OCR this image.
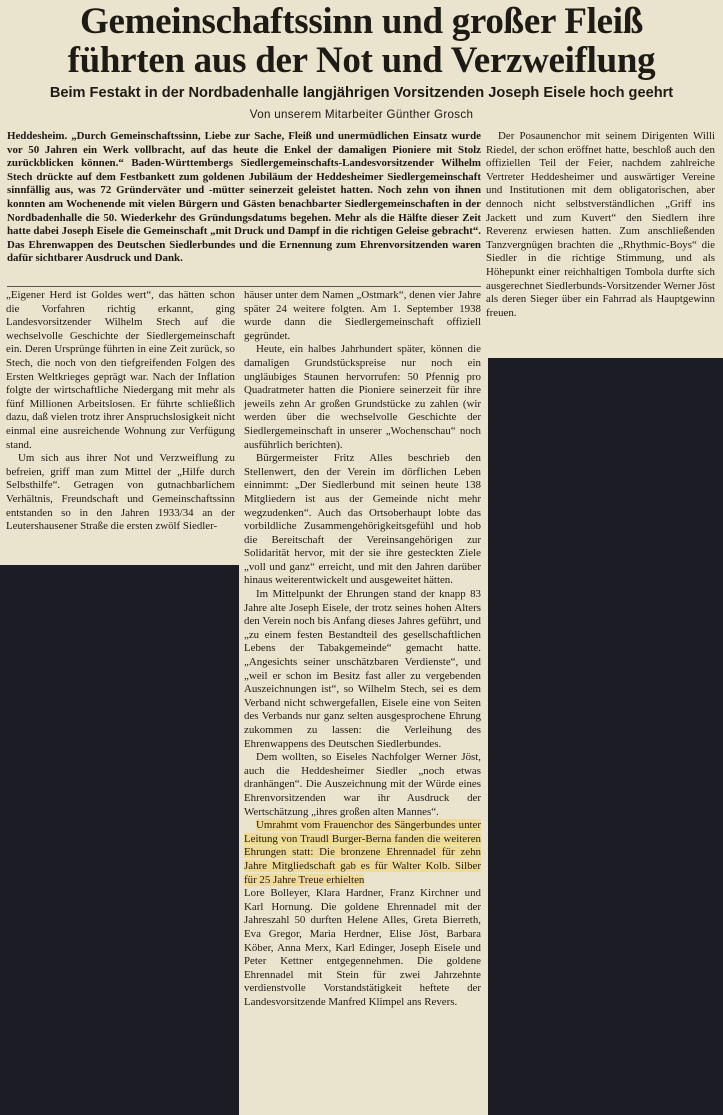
Gemeinschaftssinn und großer Fleiß
führten aus der Not und Verzweiflung
Beim Festakt in der Nordbadenhalle langjährigen Vorsitzenden Joseph Eisele hoch geehrt
Von unserem Mitarbeiter Günther Grosch
Heddesheim. „Durch Gemeinschaftssinn, Liebe zur Sache, Fleiß und unermüdlichen Einsatz wurde vor 50 Jahren ein Werk vollbracht, auf das heute die Enkel der damaligen Pioniere mit Stolz zurückblicken können.“ Baden-Württembergs Siedlergemeinschafts-Landesvorsitzender Wilhelm Stech drückte auf dem Festbankett zum goldenen Jubiläum der Heddesheimer Siedlergemeinschaft sinnfällig aus, was 72 Gründerväter und -mütter seinerzeit geleistet hatten. Noch zehn von ihnen konnten am Wochenende mit vielen Bürgern und Gästen benachbarter Siedlergemeinschaften in der Nordbadenhalle die 50. Wiederkehr des Gründungsdatums begehen. Mehr als die Hälfte dieser Zeit hatte dabei Joseph Eisele die Gemeinschaft „mit Druck und Dampf in die richtigen Geleise gebracht“. Das Ehrenwappen des Deutschen Siedlerbundes und die Ernennung zum Ehrenvorsitzenden waren dafür sichtbarer Ausdruck und Dank.

„Eigener Herd ist Goldes wert“, das hätten schon die Vorfahren richtig erkannt, ging Landesvorsitzender Wilhelm Stech auf die wechselvolle Geschichte der Siedlergemeinschaft ein. Deren Ursprünge führten in eine Zeit zurück, so Stech, die noch von den tiefgreifenden Folgen des Ersten Weltkrieges geprägt war. Nach der Inflation folgte der wirtschaftliche Niedergang mit mehr als fünf Millionen Arbeitslosen. Er führte schließlich dazu, daß vielen trotz ihrer Anspruchslosigkeit nicht einmal eine ausreichende Wohnung zur Verfügung stand.

Um sich aus ihrer Not und Verzweiflung zu befreien, griff man zum Mittel der „Hilfe durch Selbsthilfe“. Getragen von gutnachbarlichem Verhältnis, Freundschaft und Gemeinschaftssinn entstanden so in den Jahren 1933/34 an der Leutershausener Straße die ersten zwölf Siedler-

häuser unter dem Namen „Ostmark“, denen vier Jahre später 24 weitere folgten. Am 1. September 1938 wurde dann die Siedlergemeinschaft offiziell gegründet.

Heute, ein halbes Jahrhundert später, können die damaligen Grundstückspreise nur noch ein ungläubiges Staunen hervorrufen: 50 Pfennig pro Quadratmeter hatten die Pioniere seinerzeit für ihre jeweils zehn Ar großen Grundstücke zu zahlen (wir werden über die wechselvolle Geschichte der Siedlergemeinschaft in unserer „Wochenschau“ noch ausführlich berichten).

Bürgermeister Fritz Alles beschrieb den Stellenwert, den der Verein im dörflichen Leben einnimmt: „Der Siedlerbund mit seinen heute 138 Mitgliedern ist aus der Gemeinde nicht mehr wegzudenken“. Auch das Ortsoberhaupt lobte das vorbildliche Zusammengehörigkeitsgefühl und hob die Bereitschaft der Vereinsangehörigen zur Solidarität hervor, mit der sie ihre gesteckten Ziele „voll und ganz“ erreicht, und mit den Jahren darüber hinaus weiterentwickelt und ausgeweitet hätten.

Im Mittelpunkt der Ehrungen stand der knapp 83 Jahre alte Joseph Eisele, der trotz seines hohen Alters den Verein noch bis Anfang dieses Jahres geführt, und „zu einem festen Bestandteil des gesellschaftlichen Lebens der Tabakgemeinde“ gemacht hatte. „Angesichts seiner unschätzbaren Verdienste“, und „weil er schon im Besitz fast aller zu vergebenden Auszeichnungen ist“, so Wilhelm Stech, sei es dem Verband nicht schwergefallen, Eisele eine von Seiten des Verbands nur ganz selten ausgesprochene Ehrung zukommen zu lassen: die Verleihung des Ehrenwappens des Deutschen Siedlerbundes.

Dem wollten, so Eiseles Nachfolger Werner Jöst, auch die Heddesheimer Siedler „noch etwas dranhängen“. Die Auszeichnung mit der Würde eines Ehrenvorsitzenden war ihr Ausdruck der Wertschätzung „ihres großen alten Mannes“.

Umrahmt vom Frauenchor des Sängerbundes unter Leitung von Traudl Burger-Berna fanden die weiteren Ehrungen statt: Die bronzene Ehrennadel für zehn Jahre Mitgliedschaft gab es für Walter Kolb. Silber für 25 Jahre Treue erhielten

Lore Bolleyer, Klara Hardner, Franz Kirchner und Karl Hornung. Die goldene Ehrennadel mit der Jahreszahl 50 durften Helene Alles, Greta Bierreth, Eva Gregor, Maria Herdner, Elise Jöst, Barbara Köber, Anna Merx, Karl Edinger, Joseph Eisele und Peter Kettner entgegennehmen. Die goldene Ehrennadel mit Stein für zwei Jahrzehnte verdienstvolle Vorstandstätigkeit heftete der Landesvorsitzende Manfred Klimpel ans Revers.

Der Posaunenchor mit seinem Dirigenten Willi Riedel, der schon eröffnet hatte, beschloß auch den offiziellen Teil der Feier, nachdem zahlreiche Vertreter Heddesheimer und auswärtiger Vereine und Institutionen mit dem obligatorischen, aber dennoch nicht selbstverständlichen „Griff ins Jackett und zum Kuvert“ den Siedlern ihre Reverenz erwiesen hatten. Zum anschließenden Tanzvergnügen brachten die „Rhythmic-Boys“ die Siedler in die richtige Stimmung, und als Höhepunkt einer reichhaltigen Tombola durfte sich ausgerechnet Siedlerbunds-Vorsitzender Werner Jöst als deren Sieger über ein Fahrrad als Hauptgewinn freuen.
